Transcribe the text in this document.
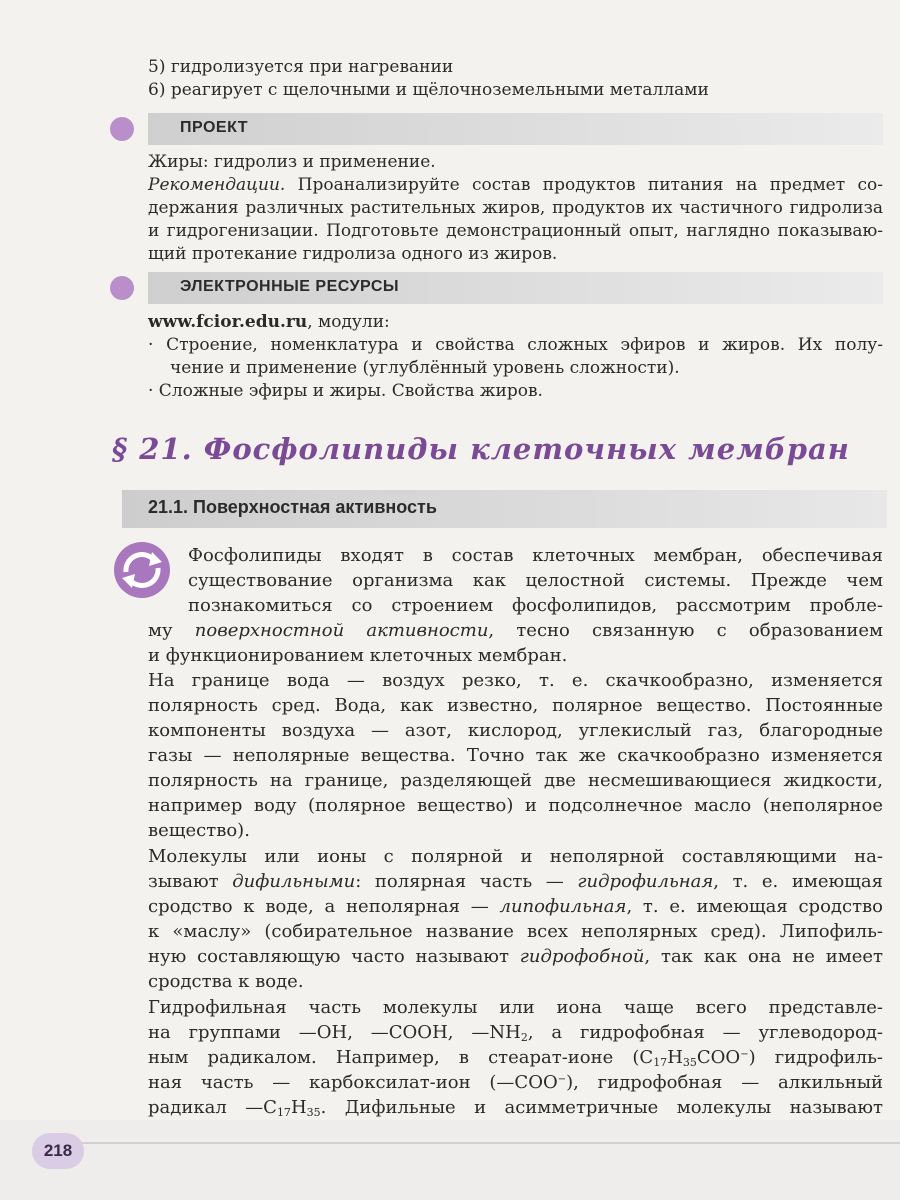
5) гидролизуется при нагревании
6) реагирует с щелочными и щёлочноземельными металлами
ПРОЕКТ
Жиры: гидролиз и применение.
Рекомендации. Проанализируйте состав продуктов питания на предмет со-
держания различных растительных жиров, продуктов их частичного гидролиза
и гидрогенизации. Подготовьте демонстрационный опыт, наглядно показываю-
щий протекание гидролиза одного из жиров.
ЭЛЕКТРОННЫЕ РЕСУРСЫ
www.fcior.edu.ru, модули:
· Строение, номенклатура и свойства сложных эфиров и жиров. Их полу-
чение и применение (углублённый уровень сложности).
· Сложные эфиры и жиры. Свойства жиров.
§ 21. Фосфолипиды клеточных мембран
21.1. Поверхностная активность
Фосфолипиды входят в состав клеточных мембран, обеспечивая
существование организма как целостной системы. Прежде чем
познакомиться со строением фосфолипидов, рассмотрим пробле-
му поверхностной активности, тесно связанную с образованием
и функционированием клеточных мембран.
На границе вода — воздух резко, т. е. скачкообразно, изменяется
полярность сред. Вода, как известно, полярное вещество. Постоянные
компоненты воздуха — азот, кислород, углекислый газ, благородные
газы — неполярные вещества. Точно так же скачкообразно изменяется
полярность на границе, разделяющей две несмешивающиеся жидкости,
например воду (полярное вещество) и подсолнечное масло (неполярное
вещество).
Молекулы или ионы с полярной и неполярной составляющими на-
зывают дифильными: полярная часть — гидрофильная, т. е. имеющая
сродство к воде, а неполярная — липофильная, т. е. имеющая сродство
к «маслу» (собирательное название всех неполярных сред). Липофиль-
ную составляющую часто называют гидрофобной, так как она не имеет
сродства к воде.
Гидрофильная часть молекулы или иона чаще всего представле-
на группами —OH, —COOH, $—NH_2$, а гидрофобная — углеводород-
ным радикалом. Например, в стеарат-ионе $(C_{17}H_{35}COO^-)$ гидрофиль-
ная часть — карбоксилат-ион (—COO−), гидрофобная — алкильный
радикал $—C_{17}H_{35}$. Дифильные и асимметричные молекулы называют
218
